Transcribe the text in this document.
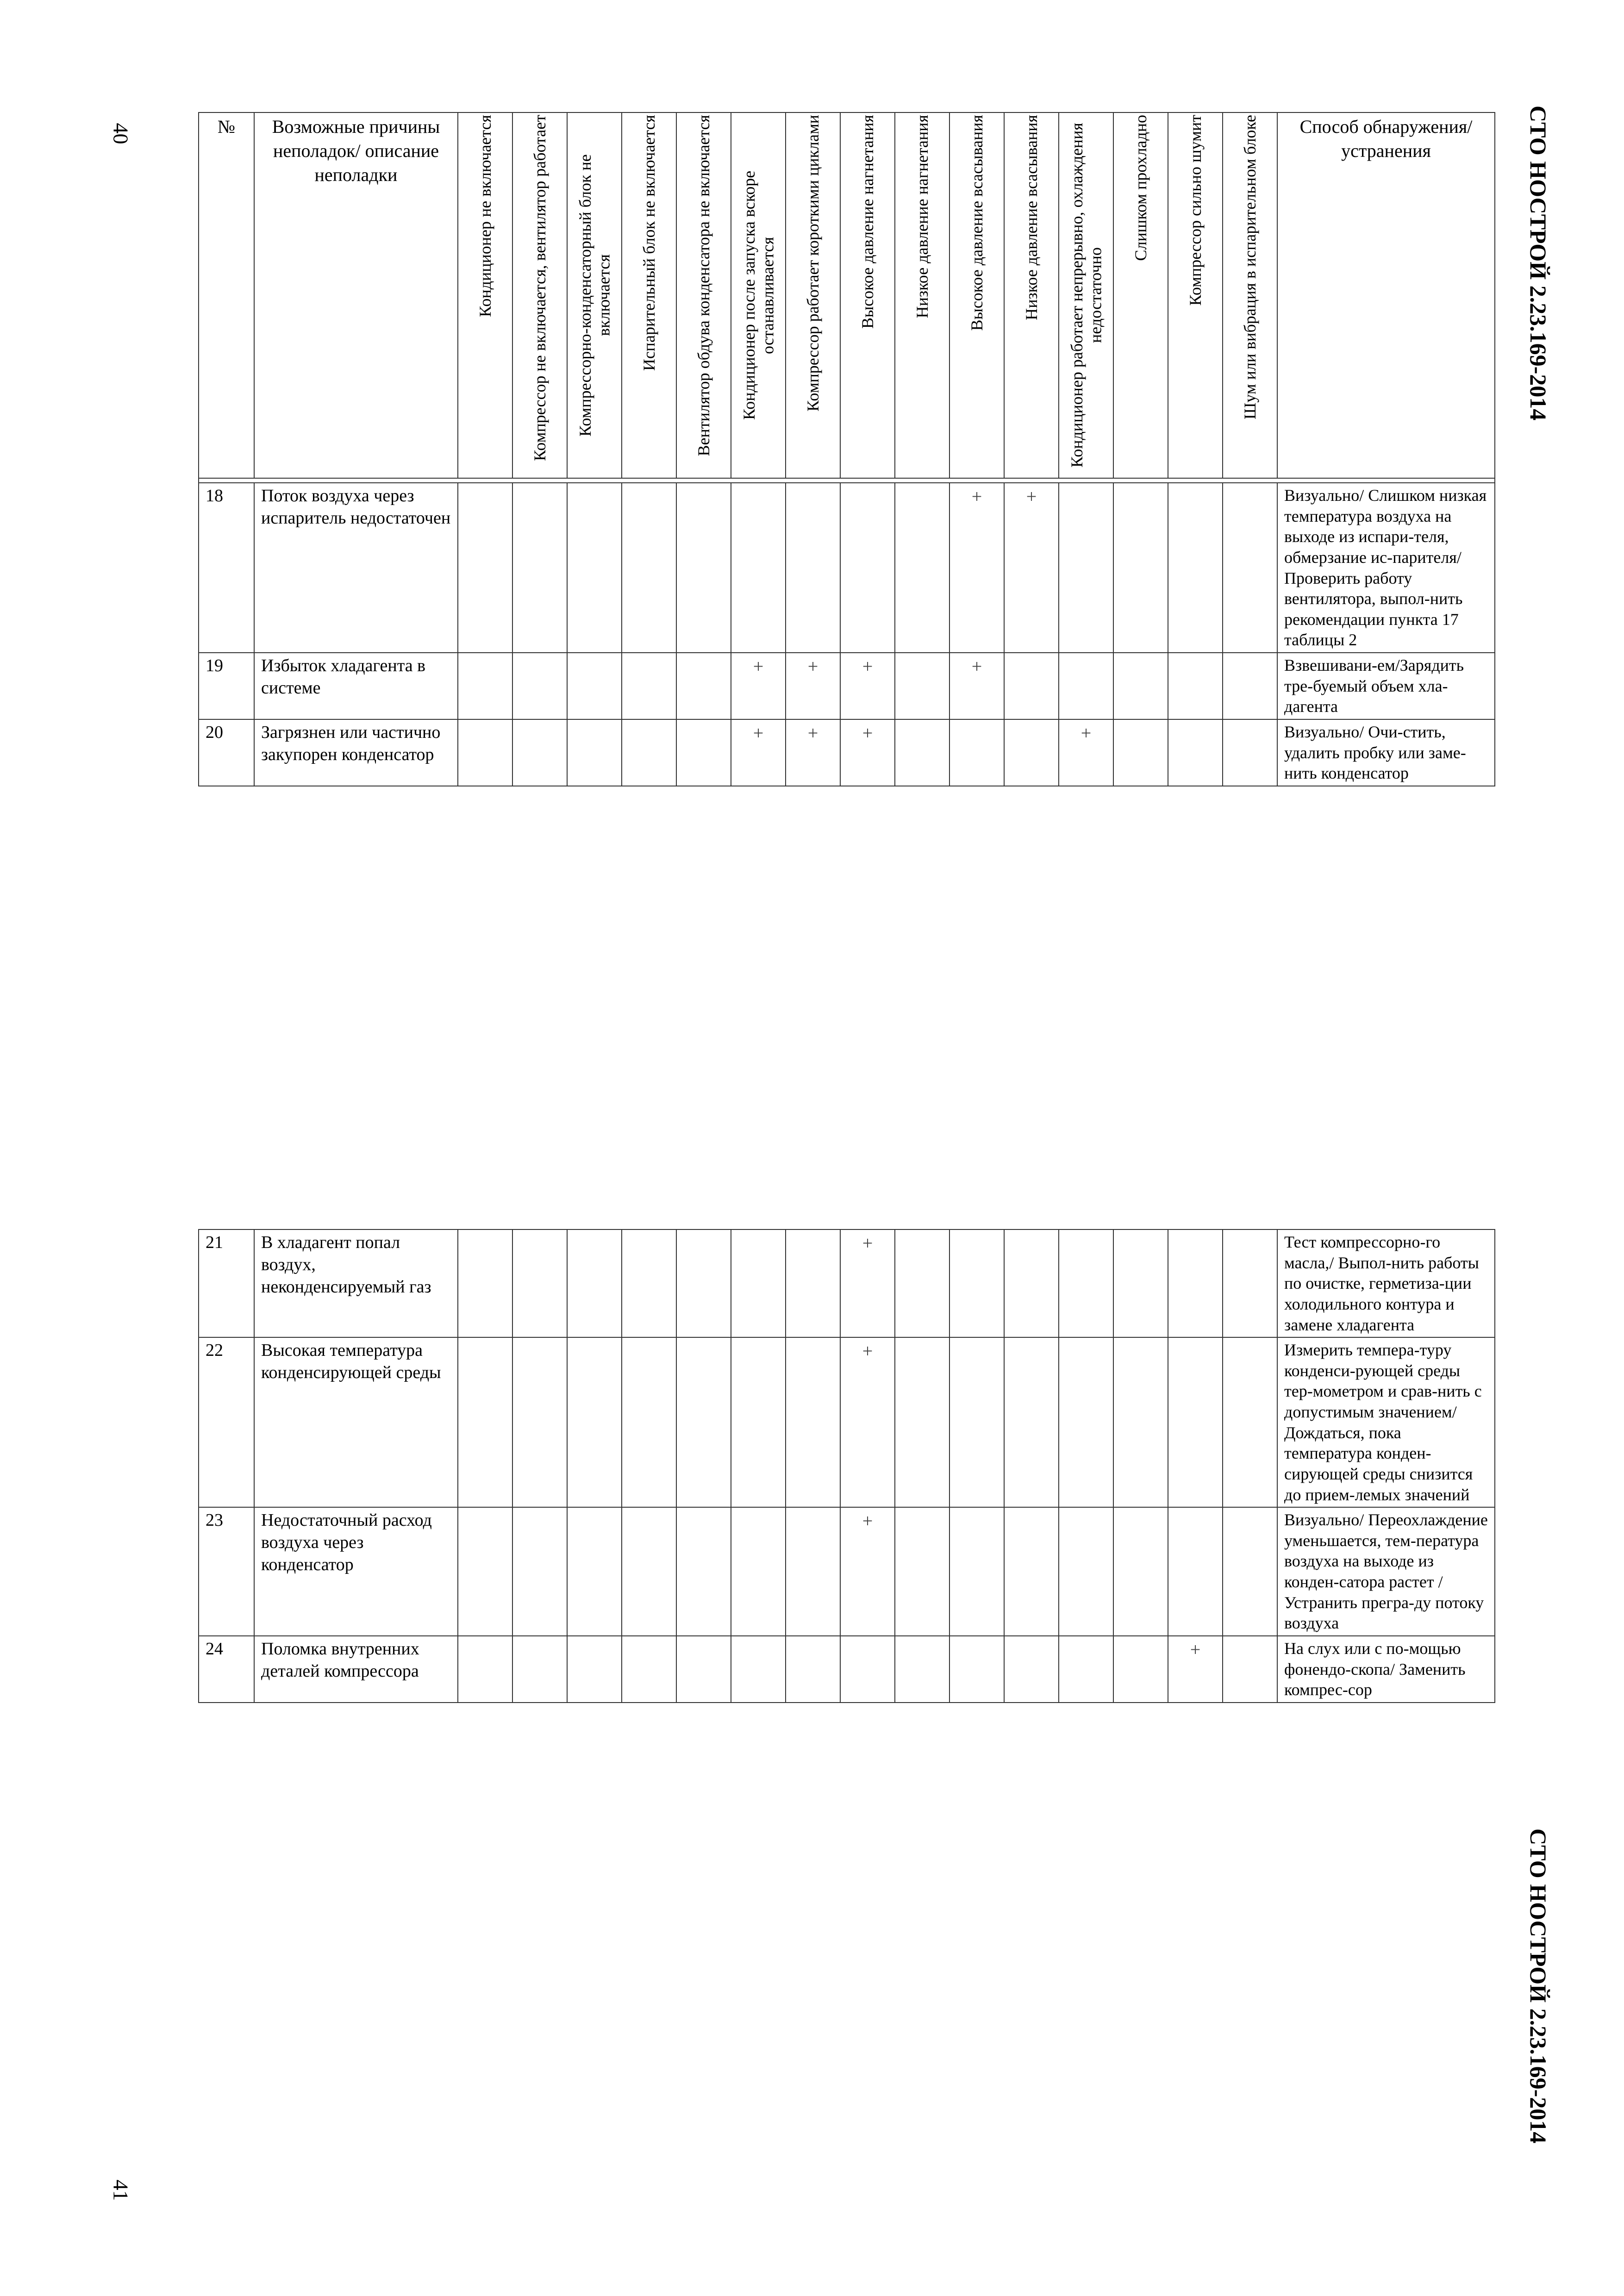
40
41
СТО НОСТРОЙ 2.23.169-2014
СТО НОСТРОЙ 2.23.169-2014
№	Возможные причины неполадок/ описание неполадки	Кондиционер не включается	Компрессор не включается, вентилятор работает	Компрессорно-конденсаторный блок не включается	Испарительный блок не включается	Вентилятор обдува конденсатора не включается	Кондиционер после запуска вскоре останавливается	Компрессор работает короткими циклами	Высокое давление нагнетания	Низкое давление нагнетания	Высокое давление всасывания	Низкое давление всасывания	Кондиционер работает непрерывно, охлаждения недостаточно	Слишком прохладно	Компрессор сильно шумит	Шум или вибрация в испарительном блоке	Способ обнаружения/ устранения

18	Поток воздуха через испаритель недостаточен										+	+					Визуально/ Слишком низкая температура воздуха на выходе из испари-теля, обмерзание ис-парителя/ Проверить работу вентилятора, выпол-нить рекомендации пункта 17 таблицы 2
19	Избыток хладагента в системе						+	+	+		+						Взвешивани-ем/Зарядить тре-буемый объем хла-дагента
20	Загрязнен или частично закупорен конденсатор						+	+	+				+				Визуально/ Очи-стить, удалить пробку или заме-нить конденсатор
21	В хладагент попал воздух, неконденсируемый газ								+								Тест компрессорно-го масла,/ Выпол-нить работы по очистке, герметиза-ции холодильного контура и замене хладагента
22	Высокая температура конденсирующей среды								+								Измерить темпера-туру конденси-рующей среды тер-мометром и срав-нить с допустимым значением/ Дождаться, пока температура конден-сирующей среды снизится до прием-лемых значений
23	Недостаточный расход воздуха через конденсатор								+								Визуально/ Переохлаждение уменьшается, тем-пература воздуха на выходе из конден-сатора растет /Устранить прегра-ду потоку воздуха
24	Поломка внутренних деталей компрессора														+		На слух или с по-мощью фонендо-скопа/ Заменить компрес-сор
